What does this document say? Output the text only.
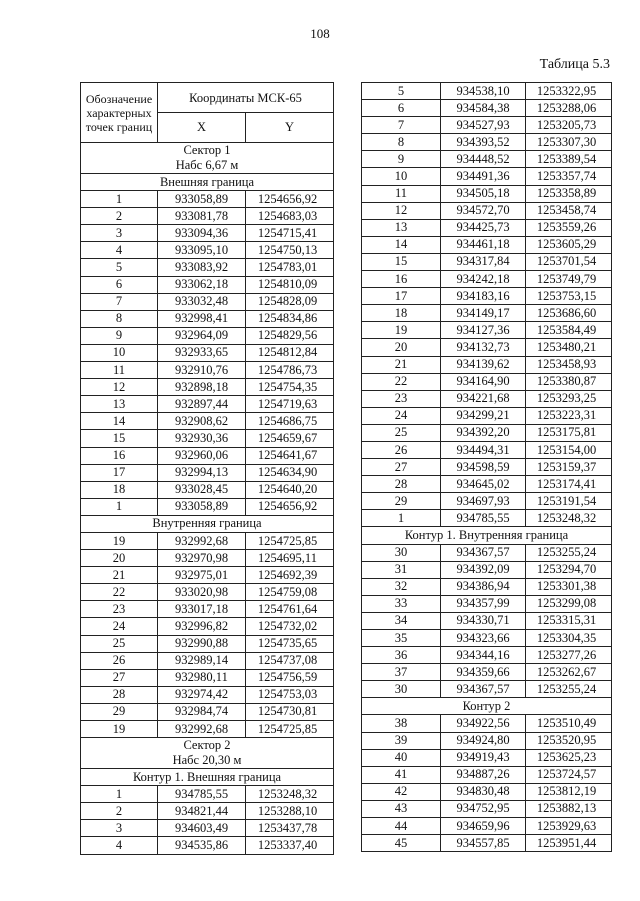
108
Таблица 5.3
Обозначение характерных точек границ	Координаты МСК-65	
	X	Y

Сектор 1
Набс 6,67 м		

Внешняя граница		

1	933058,89	1254656,92
2	933081,78	1254683,03
3	933094,36	1254715,41
4	933095,10	1254750,13
5	933083,92	1254783,01
6	933062,18	1254810,09
7	933032,48	1254828,09
8	932998,41	1254834,86
9	932964,09	1254829,56
10	932933,65	1254812,84
11	932910,76	1254786,73
12	932898,18	1254754,35
13	932897,44	1254719,63
14	932908,62	1254686,75
15	932930,36	1254659,67
16	932960,06	1254641,67
17	932994,13	1254634,90
18	933028,45	1254640,20
1	933058,89	1254656,92

Внутренняя граница		

19	932992,68	1254725,85
20	932970,98	1254695,11
21	932975,01	1254692,39
22	933020,98	1254759,08
23	933017,18	1254761,64
24	932996,82	1254732,02
25	932990,88	1254735,65
26	932989,14	1254737,08
27	932980,11	1254756,59
28	932974,42	1254753,03
29	932984,74	1254730,81
19	932992,68	1254725,85

Сектор 2
Набс 20,30 м		

Контур 1. Внешняя граница		

1	934785,55	1253248,32
2	934821,44	1253288,10
3	934603,49	1253437,78
4	934535,86	1253337,40
5	934538,10	1253322,95
6	934584,38	1253288,06
7	934527,93	1253205,73
8	934393,52	1253307,30
9	934448,52	1253389,54
10	934491,36	1253357,74
11	934505,18	1253358,89
12	934572,70	1253458,74
13	934425,73	1253559,26
14	934461,18	1253605,29
15	934317,84	1253701,54
16	934242,18	1253749,79
17	934183,16	1253753,15
18	934149,17	1253686,60
19	934127,36	1253584,49
20	934132,73	1253480,21
21	934139,62	1253458,93
22	934164,90	1253380,87
23	934221,68	1253293,25
24	934299,21	1253223,31
25	934392,20	1253175,81
26	934494,31	1253154,00
27	934598,59	1253159,37
28	934645,02	1253174,41
29	934697,93	1253191,54
1	934785,55	1253248,32

Контур 1. Внутренняя граница		

30	934367,57	1253255,24
31	934392,09	1253294,70
32	934386,94	1253301,38
33	934357,99	1253299,08
34	934330,71	1253315,31
35	934323,66	1253304,35
36	934344,16	1253277,26
37	934359,66	1253262,67
30	934367,57	1253255,24

Контур 2		

38	934922,56	1253510,49
39	934924,80	1253520,95
40	934919,43	1253625,23
41	934887,26	1253724,57
42	934830,48	1253812,19
43	934752,95	1253882,13
44	934659,96	1253929,63
45	934557,85	1253951,44
